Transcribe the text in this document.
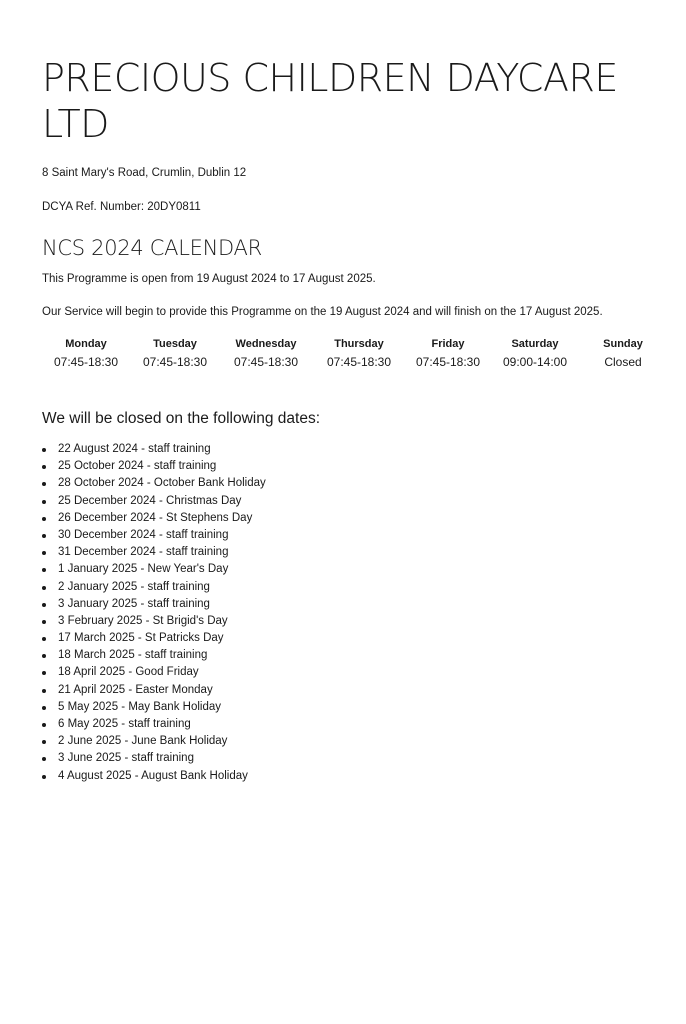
PRECIOUS CHILDREN DAYCARE LTD

8 Saint Mary's Road, Crumlin, Dublin 12

DCYA Ref. Number: 20DY0811

NCS 2024 CALENDAR

This Programme is open from 19 August 2024 to 17 August 2025.

Our Service will begin to provide this Programme on the 19 August 2024 and will finish on the 17 August 2025.

Monday
07:45-18:30
Tuesday
07:45-18:30
Wednesday
07:45-18:30
Thursday
07:45-18:30
Friday
07:45-18:30
Saturday
09:00-14:00
Sunday
Closed
We will be closed on the following dates:
22 August 2024 - staff training
25 October 2024 - staff training
28 October 2024 - October Bank Holiday
25 December 2024 - Christmas Day
26 December 2024 - St Stephens Day
30 December 2024 - staff training
31 December 2024 - staff training
1 January 2025 - New Year's Day
2 January 2025 - staff training
3 January 2025 - staff training
3 February 2025 - St Brigid's Day
17 March 2025 - St Patricks Day
18 March 2025 - staff training
18 April 2025 - Good Friday
21 April 2025 - Easter Monday
5 May 2025 - May Bank Holiday
6 May 2025 - staff training
2 June 2025 - June Bank Holiday
3 June 2025 - staff training
4 August 2025 - August Bank Holiday
